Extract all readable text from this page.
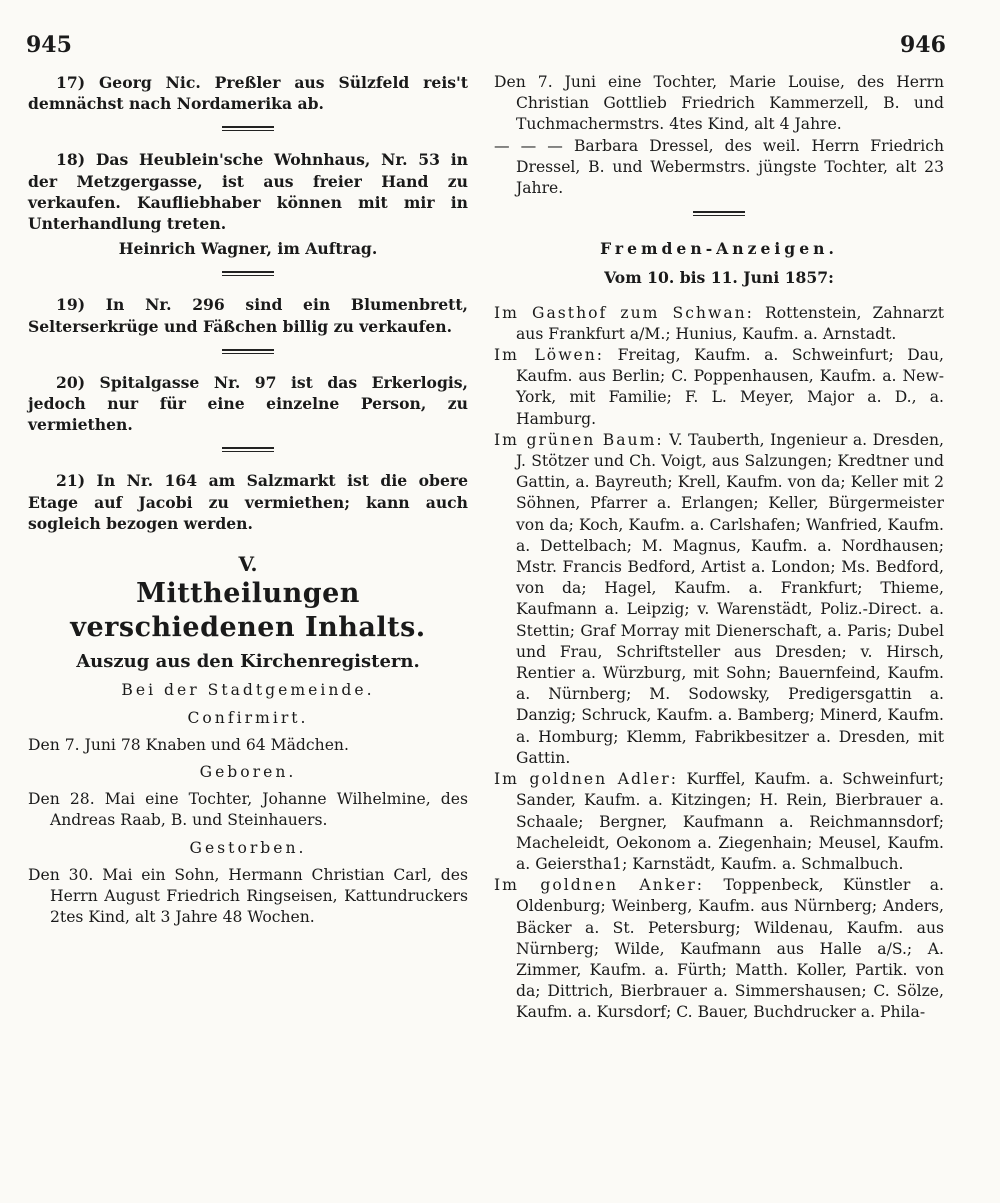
945	946

17) Georg Nic. Preßler aus Sülzfeld reis't demnächst nach Nordamerika ab.

18) Das Heublein'sche Wohnhaus, Nr. 53 in der Metzgergasse, ist aus freier Hand zu verkaufen. Kaufliebhaber können mit mir in Unterhandlung treten.

Heinrich Wagner, im Auftrag.

19) In Nr. 296 sind ein Blumenbrett, Selterserkrüge und Fäßchen billig zu verkaufen.

20) Spitalgasse Nr. 97 ist das Erkerlogis, jedoch nur für eine einzelne Person, zu vermiethen.

21) In Nr. 164 am Salzmarkt ist die obere Etage auf Jacobi zu vermiethen; kann auch sogleich bezogen werden.

V.
Mittheilungen verschiedenen Inhalts.
Auszug aus den Kirchenregistern.

Bei der Stadtgemeinde.

Confirmirt.

Den 7. Juni 78 Knaben und 64 Mädchen.

Geboren.

Den 28. Mai eine Tochter, Johanne Wilhelmine, des Andreas Raab, B. und Steinhauers.

Gestorben.

Den 30. Mai ein Sohn, Hermann Christian Carl, des Herrn August Friedrich Ringseisen, Kattundruckers 2tes Kind, alt 3 Jahre 48 Wochen.

Den 7. Juni eine Tochter, Marie Louise, des Herrn Christian Gottlieb Friedrich Kammerzell, B. und Tuchmachermstrs. 4tes Kind, alt 4 Jahre.

— — — Barbara Dressel, des weil. Herrn Friedrich Dressel, B. und Webermstrs. jüngste Tochter, alt 23 Jahre.

Fremden-Anzeigen.

Vom 10. bis 11. Juni 1857:

Im Gasthof zum Schwan: Rottenstein, Zahnarzt aus Frankfurt a/M.; Hunius, Kaufm. a. Arnstadt.

Im Löwen: Freitag, Kaufm. a. Schweinfurt; Dau, Kaufm. aus Berlin; C. Poppenhausen, Kaufm. a. New-York, mit Familie; F. L. Meyer, Major a. D., a. Hamburg.

Im grünen Baum: V. Tauberth, Ingenieur a. Dresden, J. Stötzer und Ch. Voigt, aus Salzungen; Kredtner und Gattin, a. Bayreuth; Krell, Kaufm. von da; Keller mit 2 Söhnen, Pfarrer a. Erlangen; Keller, Bürgermeister von da; Koch, Kaufm. a. Carlshafen; Wanfried, Kaufm. a. Dettelbach; M. Magnus, Kaufm. a. Nordhausen; Mstr. Francis Bedford, Artist a. London; Ms. Bedford, von da; Hagel, Kaufm. a. Frankfurt; Thieme, Kaufmann a. Leipzig; v. Warenstädt, Poliz.-Direct. a. Stettin; Graf Morray mit Dienerschaft, a. Paris; Dubel und Frau, Schriftsteller aus Dresden; v. Hirsch, Rentier a. Würzburg, mit Sohn; Bauernfeind, Kaufm. a. Nürnberg; M. Sodowsky, Predigersgattin a. Danzig; Schruck, Kaufm. a. Bamberg; Minerd, Kaufm. a. Homburg; Klemm, Fabrikbesitzer a. Dresden, mit Gattin.

Im goldnen Adler: Kurffel, Kaufm. a. Schweinfurt; Sander, Kaufm. a. Kitzingen; H. Rein, Bierbrauer a. Schaale; Bergner, Kaufmann a. Reichmannsdorf; Macheleidt, Oekonom a. Ziegenhain; Meusel, Kaufm. a. Geierstha1; Karnstädt, Kaufm. a. Schmalbuch.

Im goldnen Anker: Toppenbeck, Künstler a. Oldenburg; Weinberg, Kaufm. aus Nürnberg; Anders, Bäcker a. St. Petersburg; Wildenau, Kaufm. aus Nürnberg; Wilde, Kaufmann aus Halle a/S.; A. Zimmer, Kaufm. a. Fürth; Matth. Koller, Partik. von da; Dittrich, Bierbrauer a. Simmershausen; C. Sölze, Kaufm. a. Kursdorf; C. Bauer, Buchdrucker a. Phila-
